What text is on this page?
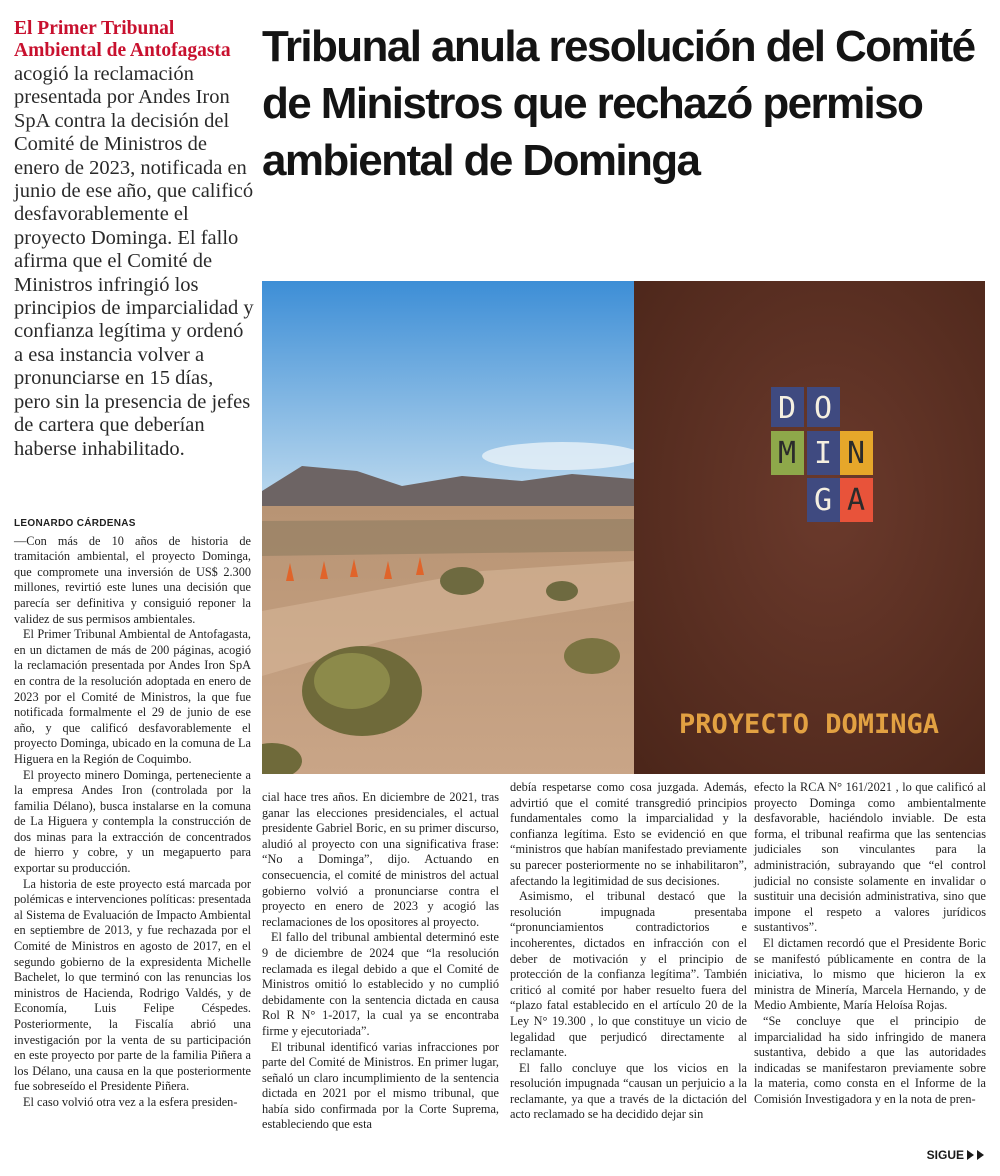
El Primer Tribunal Ambiental de Antofagasta
acogió la reclamación presentada por Andes Iron SpA contra la decisión del Comité de Ministros de enero de 2023, notificada en junio de ese año, que calificó desfavorablemente el proyecto Dominga. El fallo afirma que el Comité de Ministros infringió los principios de imparcialidad y confianza legítima y ordenó a esa instancia volver a pronunciarse en 15 días, pero sin la presencia de jefes de cartera que deberían haberse inhabilitado.
Tribunal anula resolución del Comité de Ministros que rechazó permiso ambiental de Dominga
D O
M I N
G A
PROYECTO DOMINGA

LEONARDO CÁRDENAS

—Con más de 10 años de historia de tramitación ambiental, el proyecto Dominga, que compromete una inversión de US$ 2.300 millones, revirtió este lunes una decisión que parecía ser definitiva y consiguió reponer la validez de sus permisos ambientales.

El Primer Tribunal Ambiental de Antofagasta, en un dictamen de más de 200 páginas, acogió la reclamación presentada por Andes Iron SpA en contra de la resolución adoptada en enero de 2023 por el Comité de Ministros, la que fue notificada formalmente el 29 de junio de ese año, y que calificó desfavorablemente el proyecto Dominga, ubicado en la comuna de La Higuera en la Región de Coquimbo.

El proyecto minero Dominga, perteneciente a la empresa Andes Iron (controlada por la familia Délano), busca instalarse en la comuna de La Higuera y contempla la construcción de dos minas para la extracción de concentrados de hierro y cobre, y un megapuerto para exportar su producción.

La historia de este proyecto está marcada por polémicas e intervenciones políticas: presentada al Sistema de Evaluación de Impacto Ambiental en septiembre de 2013, y fue rechazada por el Comité de Ministros en agosto de 2017, en el segundo gobierno de la expresidenta Michelle Bachelet, lo que terminó con las renuncias los ministros de Hacienda, Rodrigo Valdés, y de Economía, Luis Felipe Céspedes. Posteriormente, la Fiscalía abrió una investigación por la venta de su participación en este proyecto por parte de la familia Piñera a los Délano, una causa en la que posteriormente fue sobreseído el Presidente Piñera.

El caso volvió otra vez a la esfera presiden-

cial hace tres años. En diciembre de 2021, tras ganar las elecciones presidenciales, el actual presidente Gabriel Boric, en su primer discurso, aludió al proyecto con una significativa frase: “No a Dominga”, dijo. Actuando en consecuencia, el comité de ministros del actual gobierno volvió a pronunciarse contra el proyecto en enero de 2023 y acogió las reclamaciones de los opositores al proyecto.

El fallo del tribunal ambiental determinó este 9 de diciembre de 2024 que “la resolución reclamada es ilegal debido a que el Comité de Ministros omitió lo establecido y no cumplió debidamente con la sentencia dictada en causa Rol R N° 1-2017, la cual ya se encontraba firme y ejecutoriada”.

El tribunal identificó varias infracciones por parte del Comité de Ministros. En primer lugar, señaló un claro incumplimiento de la sentencia dictada en 2021 por el mismo tribunal, que había sido confirmada por la Corte Suprema, estableciendo que esta

debía respetarse como cosa juzgada. Además, advirtió que el comité transgredió principios fundamentales como la imparcialidad y la confianza legítima. Esto se evidenció en que “ministros que habían manifestado previamente su parecer posteriormente no se inhabilitaron”, afectando la legitimidad de sus decisiones.

Asimismo, el tribunal destacó que la resolución impugnada presentaba “pronunciamientos contradictorios e incoherentes, dictados en infracción con el deber de motivación y el principio de protección de la confianza legítima”. También criticó al comité por haber resuelto fuera del “plazo fatal establecido en el artículo 20 de la Ley N° 19.300 , lo que constituye un vicio de legalidad que perjudicó directamente al reclamante.

El fallo concluye que los vicios en la resolución impugnada “causan un perjuicio a la reclamante, ya que a través de la dictación del acto reclamado se ha decidido dejar sin

efecto la RCA N° 161/2021 , lo que calificó al proyecto Dominga como ambientalmente desfavorable, haciéndolo inviable. De esta forma, el tribunal reafirma que las sentencias judiciales son vinculantes para la administración, subrayando que “el control judicial no consiste solamente en invalidar o sustituir una decisión administrativa, sino que impone el respeto a valores jurídicos sustantivos”.

El dictamen recordó que el Presidente Boric se manifestó públicamente en contra de la iniciativa, lo mismo que hicieron la ex ministra de Minería, Marcela Hernando, y de Medio Ambiente, María Heloísa Rojas.

“Se concluye que el principio de imparcialidad ha sido infringido de manera sustantiva, debido a que las autoridades indicadas se manifestaron previamente sobre la materia, como consta en el Informe de la Comisión Investigadora y en la nota de pren-

SIGUE
